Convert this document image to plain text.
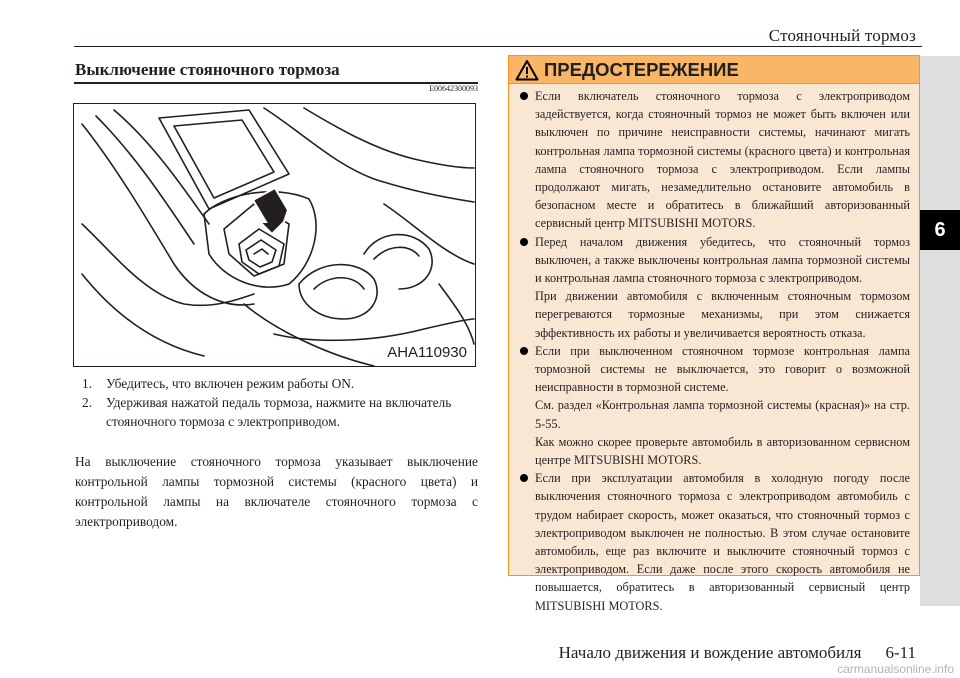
Стояночный тормоз
6
Выключение стояночного тормоза
E00642300093
AHA110930
1.	Убедитесь, что включен режим работы ON.
2.	Удерживая нажатой педаль тормоза, нажмите на включатель стояночного тормоза с электроприводом.

На выключение стояночного тормоза указывает выключение контрольной лампы тормозной системы (красного цвета) и контрольной лампы на включателе стояночного тормоза с электроприводом.

ПРЕДОСТЕРЕЖЕНИЕ

Если включатель стояночного тормоза с электроприводом задействуется, когда стояночный тормоз не может быть включен или выключен по причине неисправности системы, начинают мигать контрольная лампа тормозной системы (красного цвета) и контрольная лампа стояночного тормоза с электроприводом. Если лампы продолжают мигать, незамедлительно остановите автомобиль в безопасном месте и обратитесь в ближайший авторизованный сервисный центр MITSUBISHI MOTORS.

Перед началом движения убедитесь, что стояночный тормоз выключен, а также выключены контрольная лампа тормозной системы и контрольная лампа стояночного тормоза с электроприводом.

При движении автомобиля с включенным стояночным тормозом перегреваются тормозные механизмы, при этом снижается эффективность их работы и увеличивается вероятность отказа.

Если при выключенном стояночном тормозе контрольная лампа тормозной системы не выключается, это говорит о возможной неисправности в тормозной системе.

См. раздел «Контрольная лампа тормозной системы (красная)» на стр. 5-55.

Как можно скорее проверьте автомобиль в авторизованном сервисном центре MITSUBISHI MOTORS.

Если при эксплуатации автомобиля в холодную погоду после выключения стояночного тормоза с электроприводом автомобиль с трудом набирает скорость, может оказаться, что стояночный тормоз с электроприводом выключен не полностью. В этом случае остановите автомобиль, еще раз включите и выключите стояночный тормоз с электроприводом. Если даже после этого скорость автомобиля не повышается, обратитесь в авторизованный сервисный центр MITSUBISHI MOTORS.

Начало движения и вождение автомобиля 6-11
carmanualsonline.info
